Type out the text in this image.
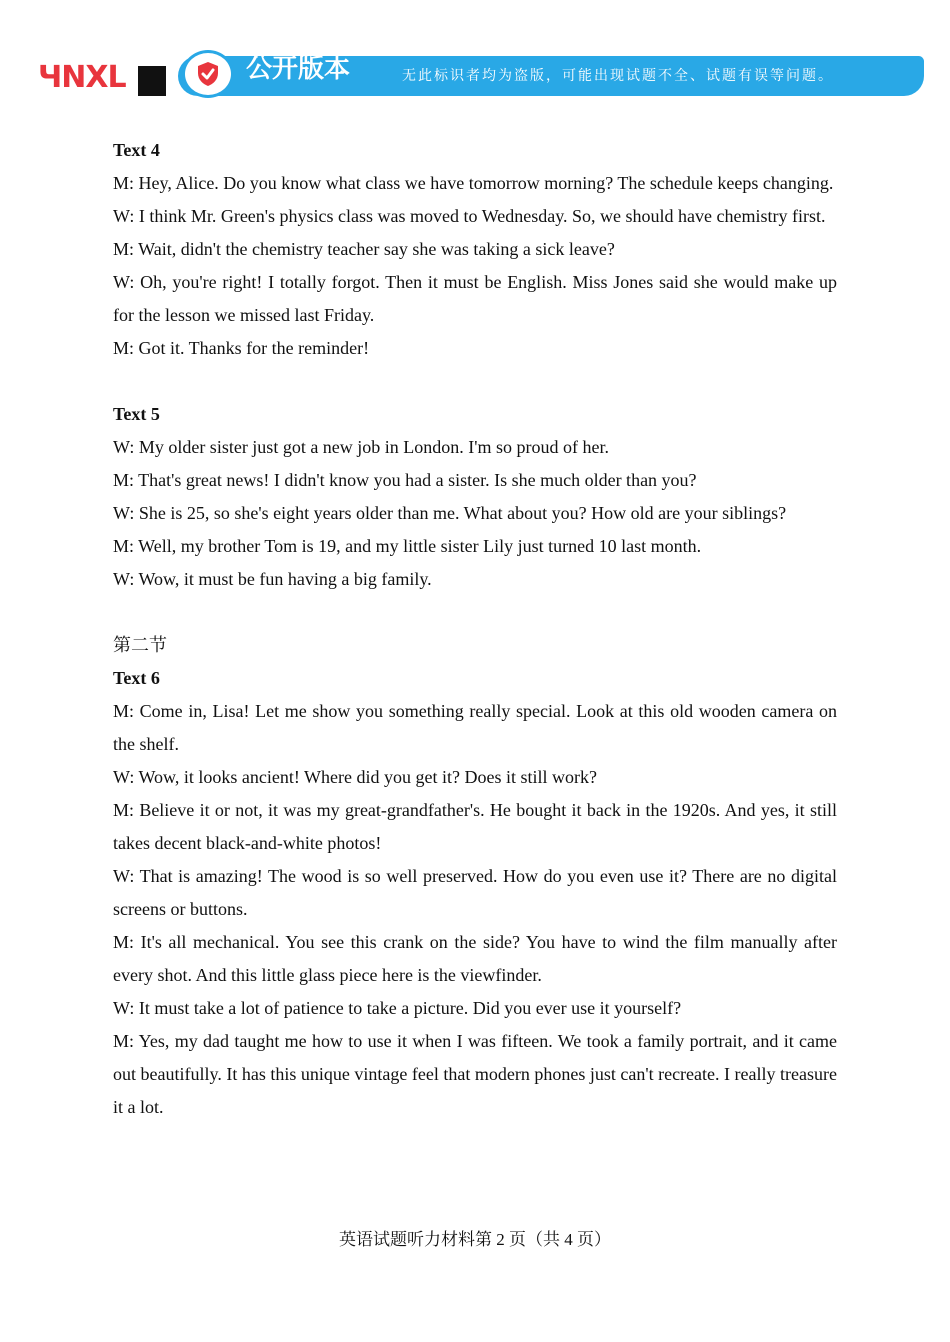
ЧNXL	公开版本	无此标识者均为盗版，可能出现试题不全、试题有误等问题。

Text 4

M: Hey, Alice. Do you know what class we have tomorrow morning? The schedule keeps changing.

W: I think Mr. Green's physics class was moved to Wednesday. So, we should have chemistry first.

M: Wait, didn't the chemistry teacher say she was taking a sick leave?

W: Oh, you're right! I totally forgot. Then it must be English. Miss Jones said she would make up for the lesson we missed last Friday.

M: Got it. Thanks for the reminder!

Text 5

W: My older sister just got a new job in London. I'm so proud of her.

M: That's great news! I didn't know you had a sister. Is she much older than you?

W: She is 25, so she's eight years older than me. What about you? How old are your siblings?

M: Well, my brother Tom is 19, and my little sister Lily just turned 10 last month.

W: Wow, it must be fun having a big family.

第二节

Text 6

M: Come in, Lisa! Let me show you something really special. Look at this old wooden camera on the shelf.

W: Wow, it looks ancient! Where did you get it? Does it still work?

M: Believe it or not, it was my great-grandfather's. He bought it back in the 1920s. And yes, it still takes decent black-and-white photos!

W: That is amazing! The wood is so well preserved. How do you even use it? There are no digital screens or buttons.

M: It's all mechanical. You see this crank on the side? You have to wind the film manually after every shot. And this little glass piece here is the viewfinder.

W: It must take a lot of patience to take a picture. Did you ever use it yourself?

M: Yes, my dad taught me how to use it when I was fifteen. We took a family portrait, and it came out beautifully. It has this unique vintage feel that modern phones just can't recreate. I really treasure it a lot.

英语试题听力材料第 2 页（共 4 页）
